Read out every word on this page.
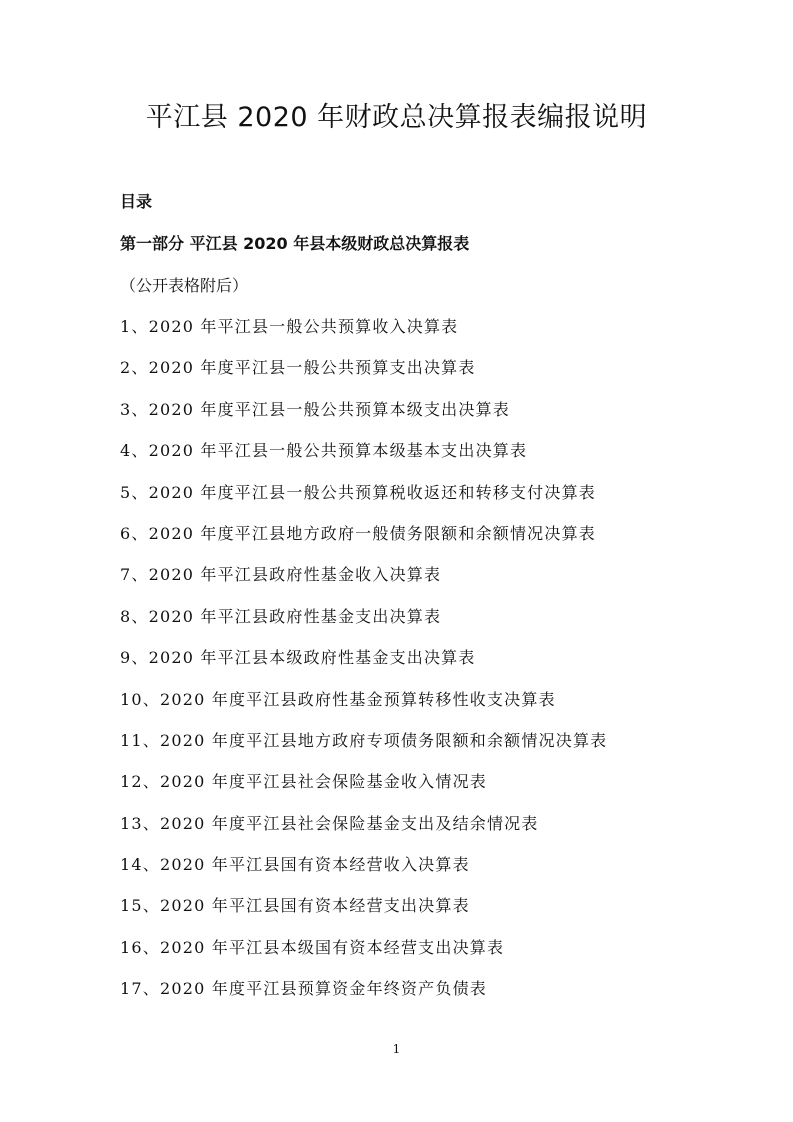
平江县 2020 年财政总决算报表编报说明
目录
第一部分 平江县 2020 年县本级财政总决算报表
（公开表格附后）
1、2020 年平江县一般公共预算收入决算表
2、2020 年度平江县一般公共预算支出决算表
3、2020 年度平江县一般公共预算本级支出决算表
4、2020 年平江县一般公共预算本级基本支出决算表
5、2020 年度平江县一般公共预算税收返还和转移支付决算表
6、2020 年度平江县地方政府一般债务限额和余额情况决算表
7、2020 年平江县政府性基金收入决算表
8、2020 年平江县政府性基金支出决算表
9、2020 年平江县本级政府性基金支出决算表
10、2020 年度平江县政府性基金预算转移性收支决算表
11、2020 年度平江县地方政府专项债务限额和余额情况决算表
12、2020 年度平江县社会保险基金收入情况表
13、2020 年度平江县社会保险基金支出及结余情况表
14、2020 年平江县国有资本经营收入决算表
15、2020 年平江县国有资本经营支出决算表
16、2020 年平江县本级国有资本经营支出决算表
17、2020 年度平江县预算资金年终资产负债表
1
